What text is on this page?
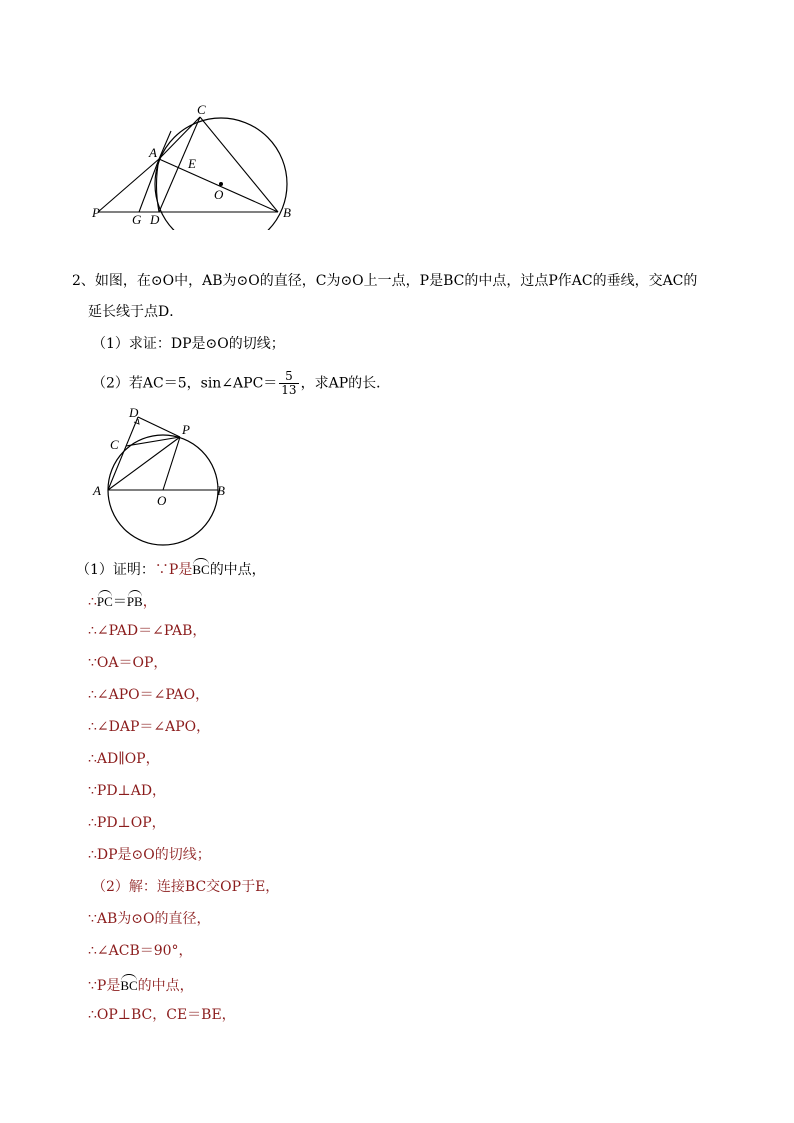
C
A
E
O
P G D	B
2、如图，在⊙O中，AB为⊙O的直径，C为⊙O上一点，P是BC的中点，过点P作AC的垂线，交AC的
延长线于点D．
（1）求证：DP是⊙O的切线；
（2）若AC＝5，sin∠APC＝ $\frac{5}{13}$ ，求AP的长．
D
C
P
A
O
B
（1）证明：∵P是BC的中点，
∴PC＝PB，
∴∠PAD＝∠PAB，
∵OA＝OP，
∴∠APO＝∠PAO，
∴∠DAP＝∠APO，
∴AD∥OP，
∵PD⊥AD，
∴PD⊥OP，
∴DP是⊙O的切线；
（2）解：连接BC交OP于E，
∵AB为⊙O的直径，
∴∠ACB＝90°，
∵P是BC的中点，
∴OP⊥BC，CE＝BE，
